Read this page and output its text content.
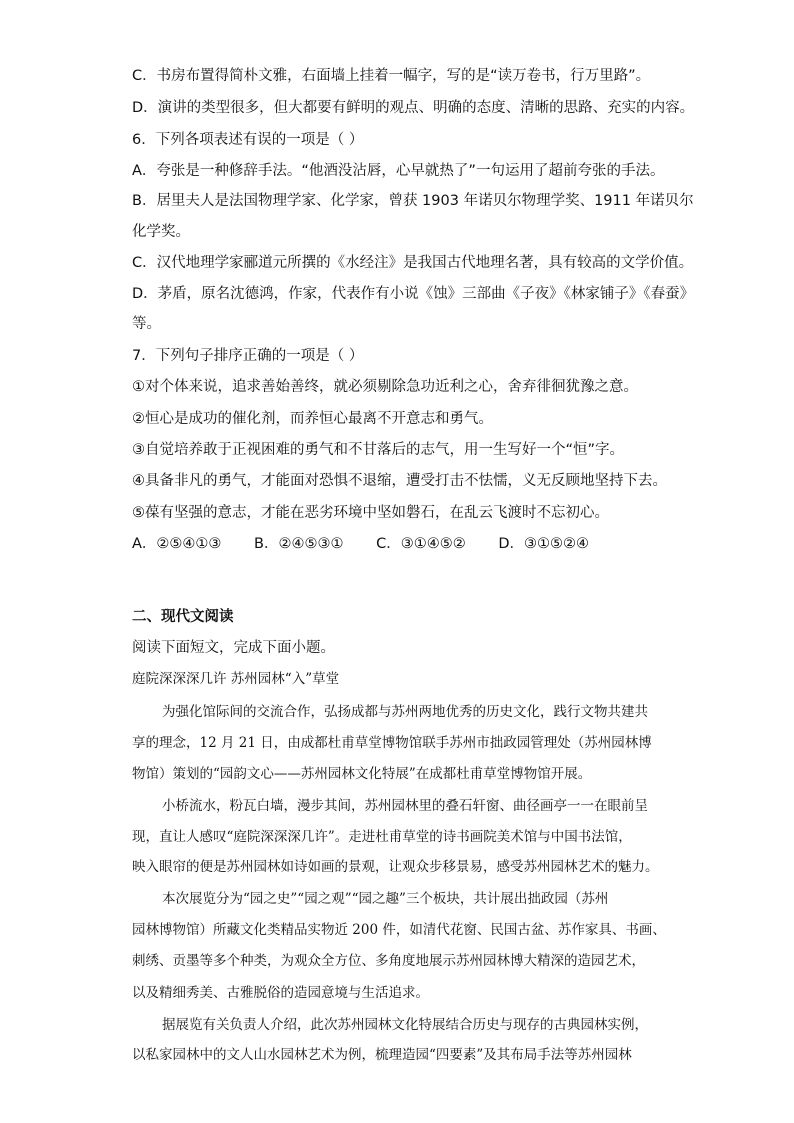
C．书房布置得简朴文雅，右面墙上挂着一幅字，写的是“读万卷书，行万里路”。
D．演讲的类型很多，但大都要有鲜明的观点、明确的态度、清晰的思路、充实的内容。
6．下列各项表述有误的一项是（ ）
A．夸张是一种修辞手法。“他酒没沾唇，心早就热了”一句运用了超前夸张的手法。
B．居里夫人是法国物理学家、化学家，曾获 1903 年诺贝尔物理学奖、1911 年诺贝尔
化学奖。
C．汉代地理学家郦道元所撰的《水经注》是我国古代地理名著，具有较高的文学价值。
D．茅盾，原名沈德鸿，作家，代表作有小说《蚀》三部曲《子夜》《林家铺子》《春蚕》
等。
7．下列句子排序正确的一项是（ ）
①对个体来说，追求善始善终，就必须剔除急功近利之心，舍弃徘徊犹豫之意。
②恒心是成功的催化剂，而养恒心最离不开意志和勇气。
③自觉培养敢于正视困难的勇气和不甘落后的志气，用一生写好一个“恒”字。
④具备非凡的勇气，才能面对恐惧不退缩，遭受打击不怯懦，义无反顾地坚持下去。
⑤葆有坚强的意志，才能在恶劣环境中坚如磐石，在乱云飞渡时不忘初心。
A．②⑤④①③ B．②④⑤③① C．③①④⑤② D．③①⑤②④
二、现代文阅读
阅读下面短文，完成下面小题。
庭院深深深几许 苏州园林“入”草堂
为强化馆际间的交流合作，弘扬成都与苏州两地优秀的历史文化，践行文物共建共
享的理念，12 月 21 日，由成都杜甫草堂博物馆联手苏州市拙政园管理处（苏州园林博
物馆）策划的“园韵文心——苏州园林文化特展”在成都杜甫草堂博物馆开展。
小桥流水，粉瓦白墙，漫步其间，苏州园林里的叠石轩窗、曲径画亭一一在眼前呈
现，直让人感叹“庭院深深深几许”。走进杜甫草堂的诗书画院美术馆与中国书法馆，
映入眼帘的便是苏州园林如诗如画的景观，让观众步移景易，感受苏州园林艺术的魅力。
本次展览分为“园之史”“园之观”“园之趣”三个板块，共计展出拙政园（苏州
园林博物馆）所藏文化类精品实物近 200 件，如清代花窗、民国古盆、苏作家具、书画、
刺绣、贡墨等多个种类，为观众全方位、多角度地展示苏州园林博大精深的造园艺术，
以及精细秀美、古雅脱俗的造园意境与生活追求。
据展览有关负责人介绍，此次苏州园林文化特展结合历史与现存的古典园林实例，
以私家园林中的文人山水园林艺术为例，梳理造园“四要素”及其布局手法等苏州园林
